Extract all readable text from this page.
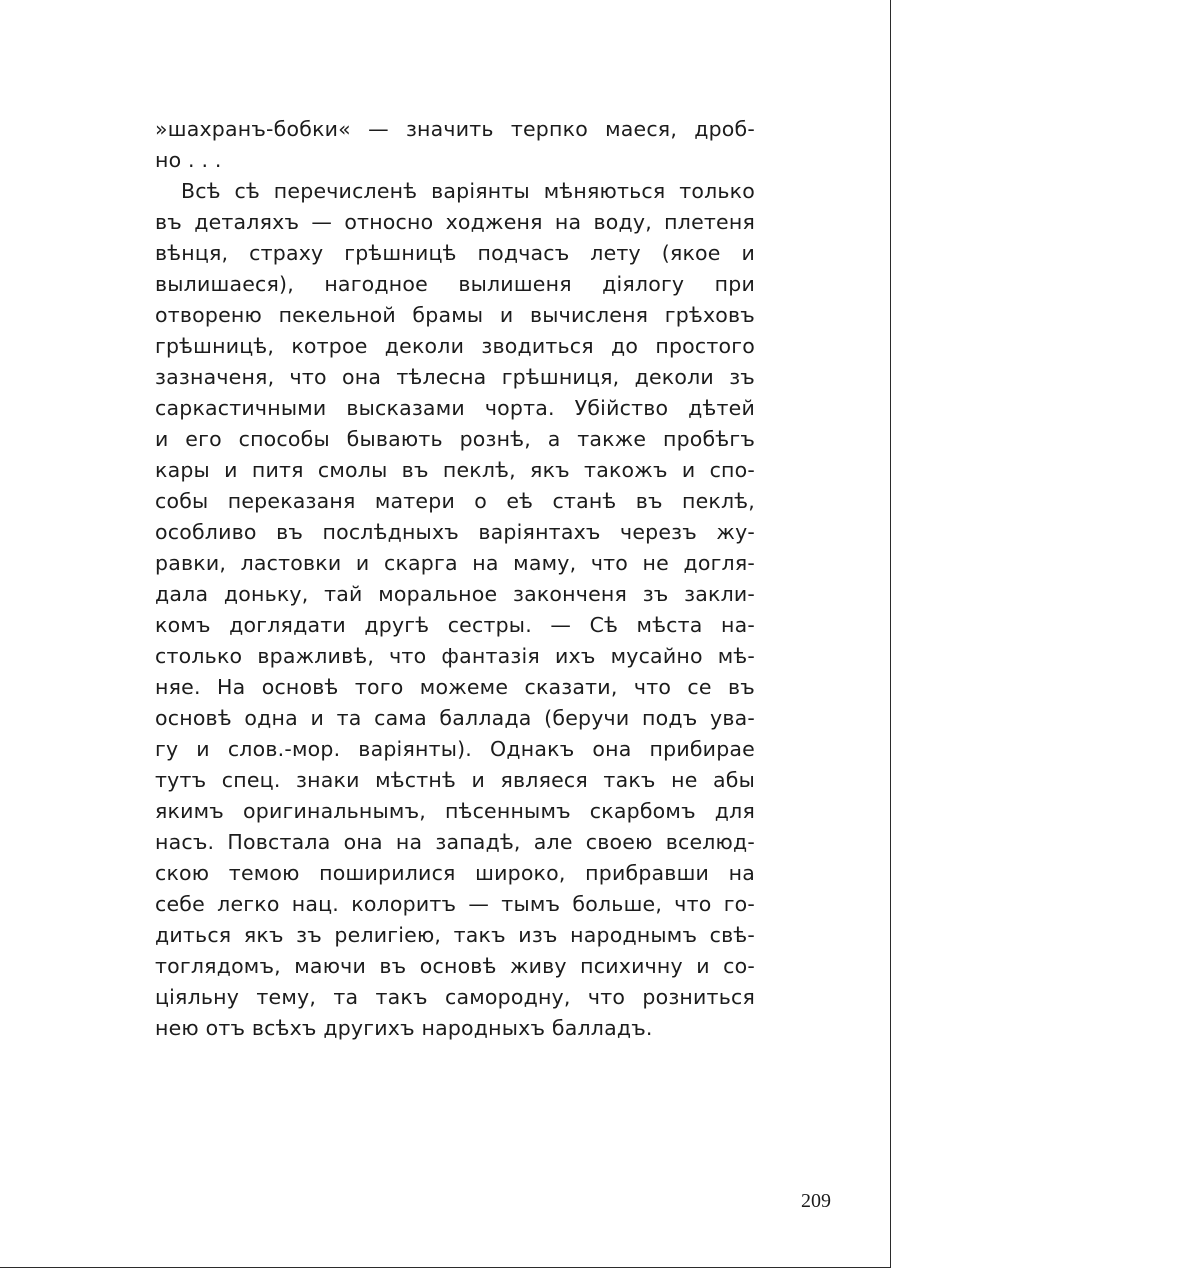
»шахранъ-бобки« — значить терпко маеся, дроб-
но . . .
Всѣ сѣ перечисленѣ варіянты мѣняються только
въ деталяхъ — относно ходженя на воду, плетеня
вѣнця, страху грѣшницѣ подчасъ лету (якое и
вылишаеся), нагодное вылишеня діялогу при
отвореню пекельной брамы и вычисленя грѣховъ
грѣшницѣ, котрое деколи зводиться до простого
зазначеня, что она тѣлесна грѣшниця, деколи зъ
саркастичными высказами чорта. Убійство дѣтей
и его способы бывають рознѣ, а также пробѣгъ
кары и питя смолы въ пеклѣ, якъ такожъ и спо-
собы переказаня матери о еѣ станѣ въ пеклѣ,
особливо въ послѣдныхъ варіянтахъ черезъ жу-
равки, ластовки и скарга на маму, что не догля-
дала доньку, тай моральное законченя зъ закли-
комъ доглядати другѣ сестры. — Сѣ мѣста на-
столько вражливѣ, что фантазія ихъ мусайно мѣ-
няе. На основѣ того можеме сказати, что се въ
основѣ одна и та сама баллада (беручи подъ ува-
гу и слов.-мор. варіянты). Однакъ она прибирае
тутъ спец. знаки мѣстнѣ и являеся такъ не абы
якимъ оригинальнымъ, пѣсеннымъ скарбомъ для
насъ. Повстала она на западѣ, але своею вселюд-
скою темою поширилися широко, прибравши на
себе легко нац. колоритъ — тымъ больше, что го-
диться якъ зъ религіею, такъ изъ народнымъ свѣ-
тоглядомъ, маючи въ основѣ живу психичну и со-
ціяльну тему, та такъ самородну, что розниться
нею отъ всѣхъ другихъ народныхъ балладъ.
209
